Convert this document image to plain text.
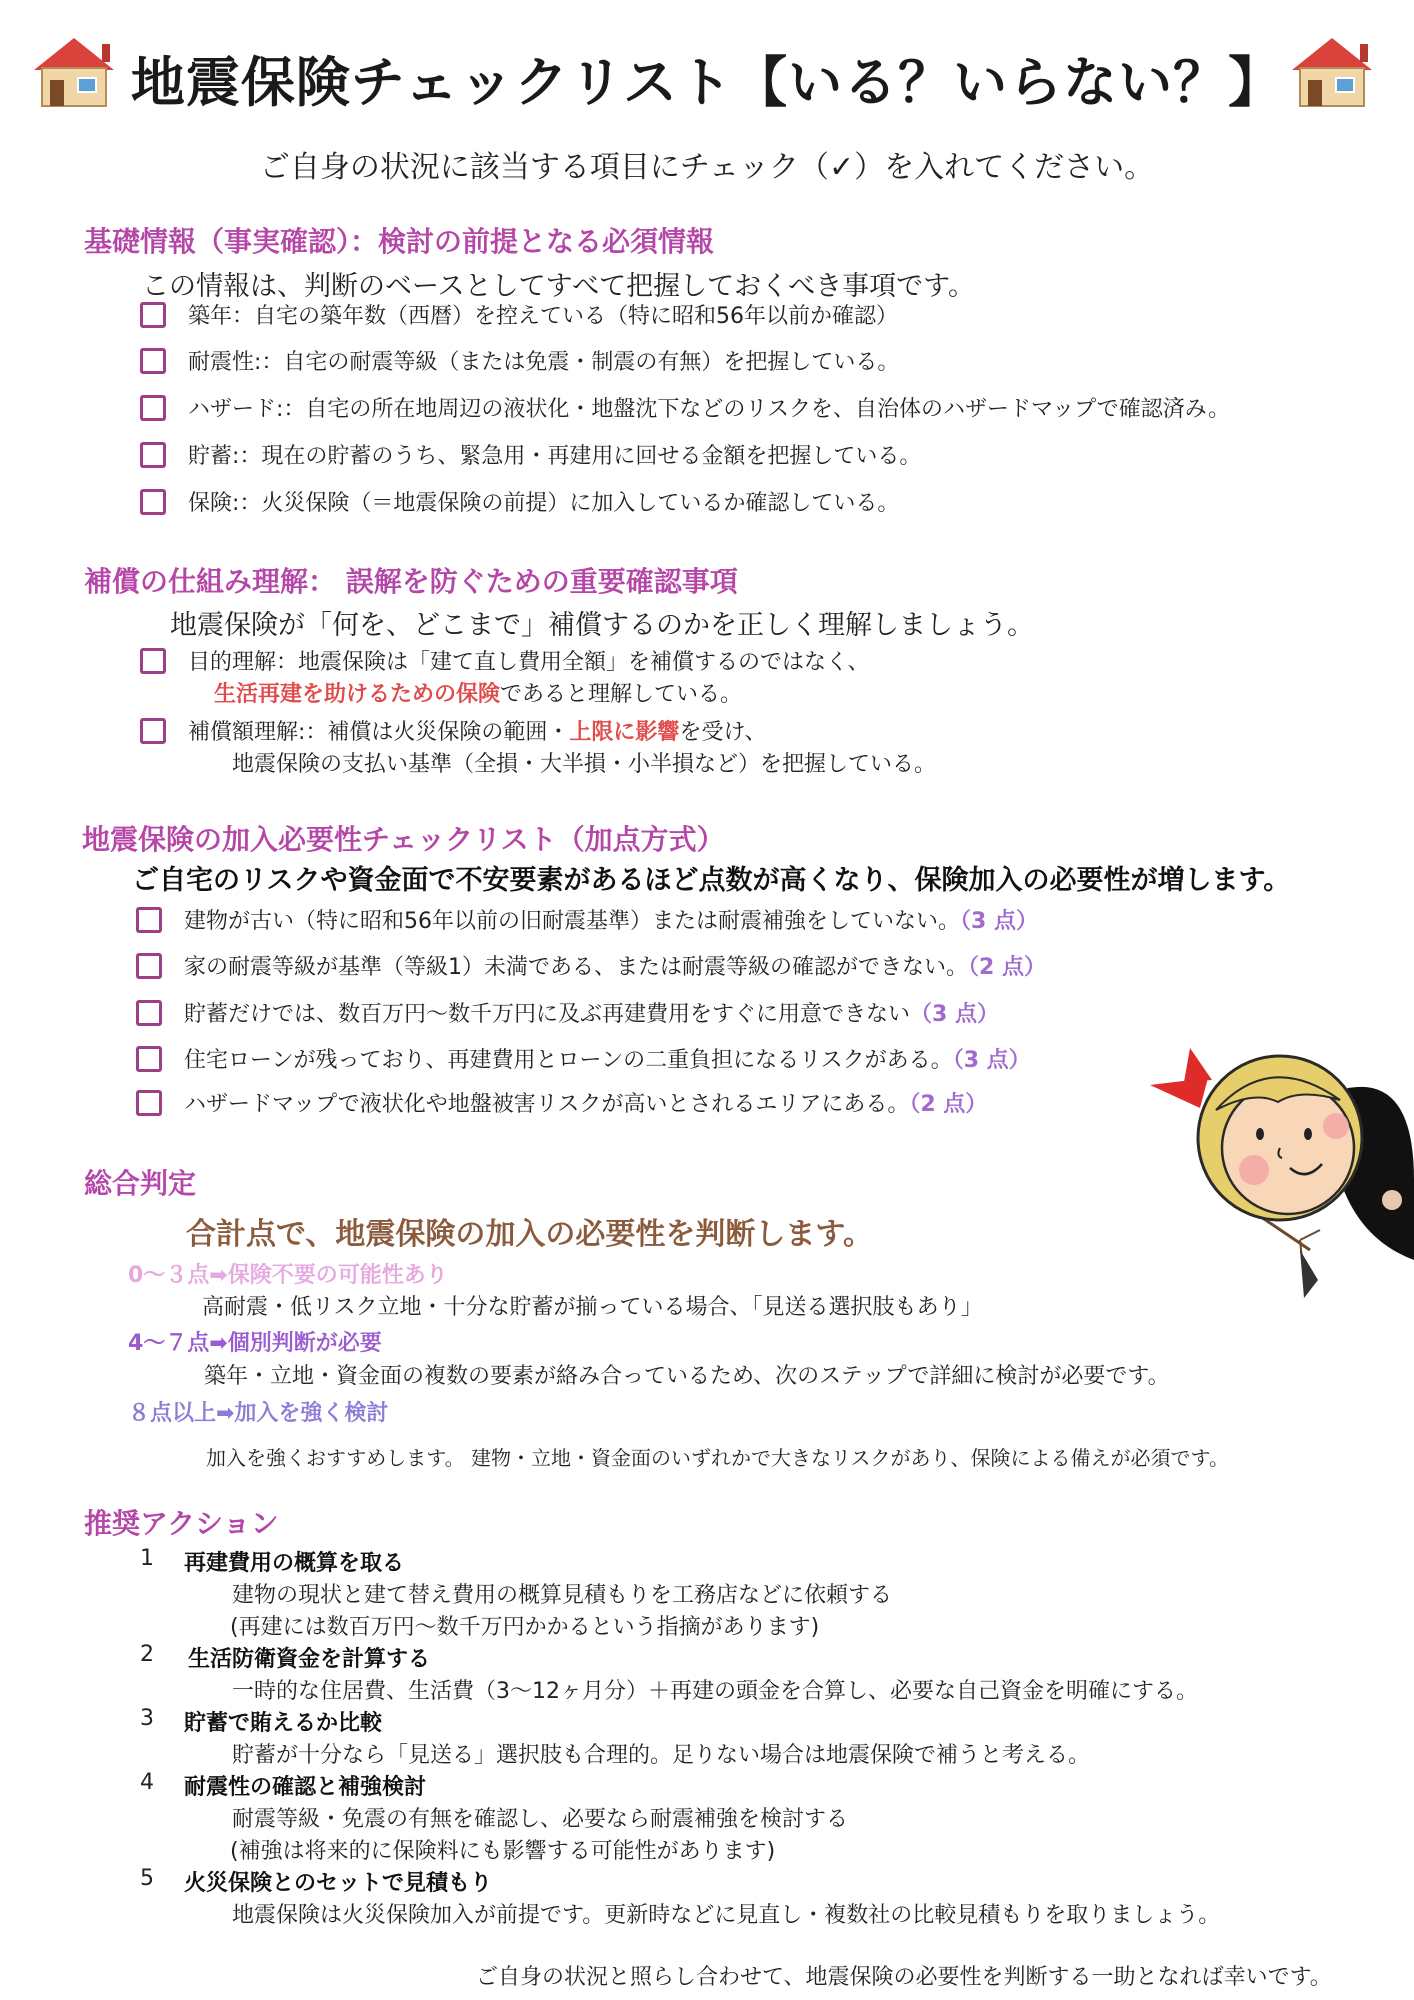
地震保険チェックリスト【いる？いらない？】
ご自身の状況に該当する項目にチェック（✓）を入れてください。
基礎情報（事実確認）：検討の前提となる必須情報
この情報は、判断のベースとしてすべて把握しておくべき事項です。
築年：自宅の築年数（西暦）を控えている（特に昭和56年以前か確認）
耐震性:：自宅の耐震等級（または免震・制震の有無）を把握している。
ハザード:：自宅の所在地周辺の液状化・地盤沈下などのリスクを、自治体のハザードマップで確認済み。
貯蓄:：現在の貯蓄のうち、緊急用・再建用に回せる金額を把握している。
保険:：火災保険（＝地震保険の前提）に加入しているか確認している。
補償の仕組み理解： 誤解を防ぐための重要確認事項
地震保険が「何を、どこまで」補償するのかを正しく理解しましょう。
目的理解：地震保険は「建て直し費用全額」を補償するのではなく、
生活再建を助けるための保険であると理解している。
補償額理解:：補償は火災保険の範囲・上限に影響を受け、
地震保険の支払い基準（全損・大半損・小半損など）を把握している。
地震保険の加入必要性チェックリスト（加点方式）
ご自宅のリスクや資金面で不安要素があるほど点数が高くなり、保険加入の必要性が増します。
建物が古い（特に昭和56年以前の旧耐震基準）または耐震補強をしていない。（3 点）
家の耐震等級が基準（等級1）未満である、または耐震等級の確認ができない。（2 点）
貯蓄だけでは、数百万円〜数千万円に及ぶ再建費用をすぐに用意できない（3 点）
住宅ローンが残っており、再建費用とローンの二重負担になるリスクがある。（3 点）
ハザードマップで液状化や地盤被害リスクが高いとされるエリアにある。（2 点）
総合判定
合計点で、地震保険の加入の必要性を判断します。
0〜３点➡保険不要の可能性あり
高耐震・低リスク立地・十分な貯蓄が揃っている場合、「見送る選択肢もあり」
4〜７点➡個別判断が必要
築年・立地・資金面の複数の要素が絡み合っているため、次のステップで詳細に検討が必要です。
８点以上➡加入を強く検討
加入を強くおすすめします。 建物・立地・資金面のいずれかで大きなリスクがあり、保険による備えが必須です。
推奨アクション
1 再建費用の概算を取る
建物の現状と建て替え費用の概算見積もりを工務店などに依頼する
(再建には数百万円〜数千万円かかるという指摘があります)
2 生活防衛資金を計算する
一時的な住居費、生活費（3〜12ヶ月分）＋再建の頭金を合算し、必要な自己資金を明確にする。
3 貯蓄で賄えるか比較
貯蓄が十分なら「見送る」選択肢も合理的。足りない場合は地震保険で補うと考える。
4 耐震性の確認と補強検討
耐震等級・免震の有無を確認し、必要なら耐震補強を検討する
(補強は将来的に保険料にも影響する可能性があります)
5 火災保険とのセットで見積もり
地震保険は火災保険加入が前提です。更新時などに見直し・複数社の比較見積もりを取りましょう。
ご自身の状況と照らし合わせて、地震保険の必要性を判断する一助となれば幸いです。
